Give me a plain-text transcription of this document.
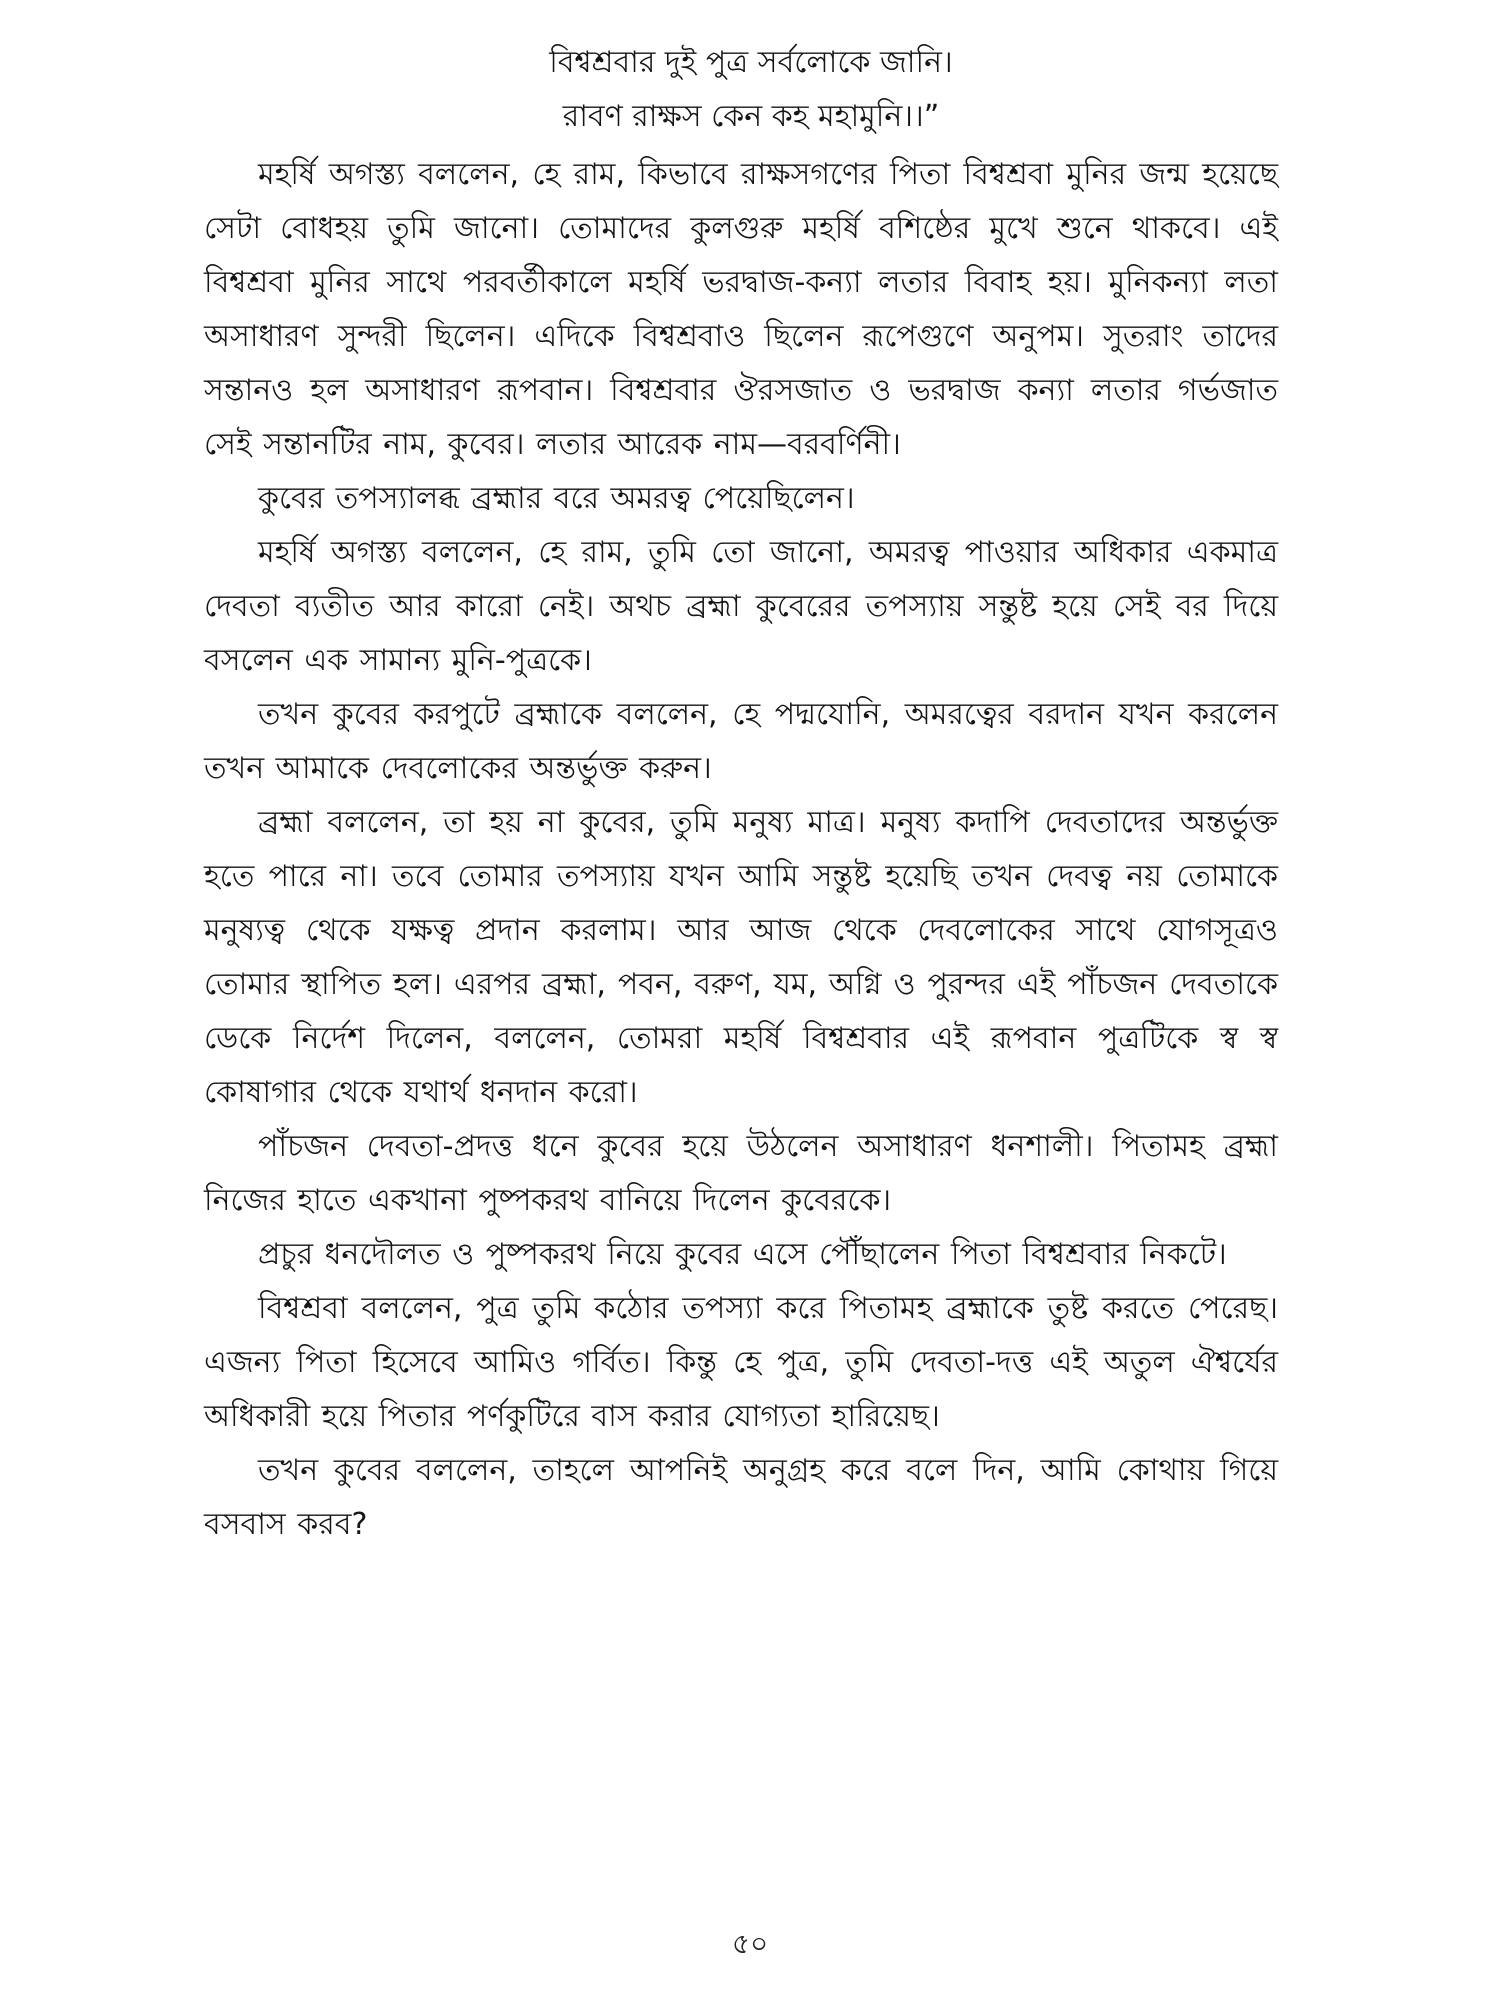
বিশ্বশ্রবার দুই পুত্র সর্বলোকে জানি।

রাবণ রাক্ষস কেন কহ মহামুনি।।”

মহর্ষি অগস্ত্য বললেন, হে রাম, কিভাবে রাক্ষসগণের পিতা বিশ্বশ্রবা মুনির জন্ম হয়েছে সেটা বোধহয় তুমি জানো। তোমাদের কুলগুরু মহর্ষি বশিষ্ঠের মুখে শুনে থাকবে। এই বিশ্বশ্রবা মুনির সাথে পরবর্তীকালে মহর্ষি ভরদ্বাজ-কন্যা লতার বিবাহ হয়। মুনিকন্যা লতা অসাধারণ সুন্দরী ছিলেন। এদিকে বিশ্বশ্রবাও ছিলেন রূপেগুণে অনুপম। সুতরাং তাদের সন্তানও হল অসাধারণ রূপবান। বিশ্বশ্রবার ঔরসজাত ও ভরদ্বাজ কন্যা লতার গর্ভজাত সেই সন্তানটির নাম, কুবের। লতার আরেক নাম—বরবর্ণিনী।

কুবের তপস্যালব্ধ ব্রহ্মার বরে অমরত্ব পেয়েছিলেন।

মহর্ষি অগস্ত্য বললেন, হে রাম, তুমি তো জানো, অমরত্ব পাওয়ার অধিকার একমাত্র দেবতা ব্যতীত আর কারো নেই। অথচ ব্রহ্মা কুবেরের তপস্যায় সন্তুষ্ট হয়ে সেই বর দিয়ে বসলেন এক সামান্য মুনি-পুত্রকে।

তখন কুবের করপুটে ব্রহ্মাকে বললেন, হে পদ্মযোনি, অমরত্বের বরদান যখন করলেন তখন আমাকে দেবলোকের অন্তর্ভুক্ত করুন।

ব্রহ্মা বললেন, তা হয় না কুবের, তুমি মনুষ্য মাত্র। মনুষ্য কদাপি দেবতাদের অন্তর্ভুক্ত হতে পারে না। তবে তোমার তপস্যায় যখন আমি সন্তুষ্ট হয়েছি তখন দেবত্ব নয় তোমাকে মনুষ্যত্ব থেকে যক্ষত্ব প্রদান করলাম। আর আজ থেকে দেবলোকের সাথে যোগসূত্রও তোমার স্থাপিত হল। এরপর ব্রহ্মা, পবন, বরুণ, যম, অগ্নি ও পুরন্দর এই পাঁচজন দেবতাকে ডেকে নির্দেশ দিলেন, বললেন, তোমরা মহর্ষি বিশ্বশ্রবার এই রূপবান পুত্রটিকে স্ব স্ব কোষাগার থেকে যথার্থ ধনদান করো।

পাঁচজন দেবতা-প্রদত্ত ধনে কুবের হয়ে উঠলেন অসাধারণ ধনশালী। পিতামহ ব্রহ্মা নিজের হাতে একখানা পুষ্পকরথ বানিয়ে দিলেন কুবেরকে।

প্রচুর ধনদৌলত ও পুষ্পকরথ নিয়ে কুবের এসে পৌঁছালেন পিতা বিশ্বশ্রবার নিকটে।

বিশ্বশ্রবা বললেন, পুত্র তুমি কঠোর তপস্যা করে পিতামহ ব্রহ্মাকে তুষ্ট করতে পেরেছ। এজন্য পিতা হিসেবে আমিও গর্বিত। কিন্তু হে পুত্র, তুমি দেবতা-দত্ত এই অতুল ঐশ্বর্যের অধিকারী হয়ে পিতার পর্ণকুটিরে বাস করার যোগ্যতা হারিয়েছ।

তখন কুবের বললেন, তাহলে আপনিই অনুগ্রহ করে বলে দিন, আমি কোথায় গিয়ে বসবাস করব?

৫০
